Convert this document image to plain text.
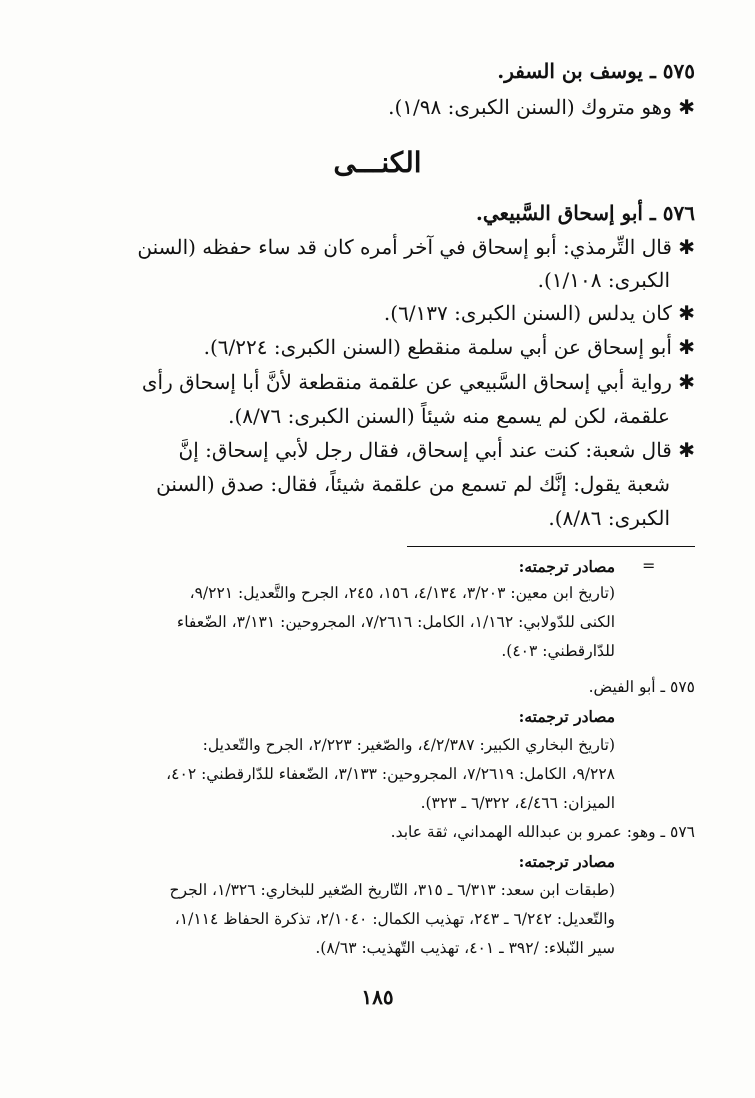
٥٧٥ ـ يوسف بن السفر.
✱ وهو متروك (السنن الكبرى: ١/٩٨).
الكنـــى
٥٧٦ ـ أبو إسحاق السَّبيعي.
✱ قال التِّرمذي: أبو إسحاق في آخر أمره كان قد ساء حفظه (السنن
الكبرى: ١/١٠٨).
✱ كان يدلس (السنن الكبرى: ٦/١٣٧).
✱ أبو إسحاق عن أبي سلمة منقطع (السنن الكبرى: ٦/٢٢٤).
✱ رواية أبي إسحاق السَّبيعي عن علقمة منقطعة لأنَّ أبا إسحاق رأى
علقمة، لكن لم يسمع منه شيئاً (السنن الكبرى: ٨/٧٦).
✱ قال شعبة: كنت عند أبي إسحاق، فقال رجل لأبي إسحاق: إنَّ
شعبة يقول: إنَّك لم تسمع من علقمة شيئاً، فقال: صدق (السنن
الكبرى: ٨/٨٦).
=
مصادر ترجمته:
(تاريخ ابن معين: ٣/٢٠٣، ٤/١٣٤، ١٥٦، ٢٤٥، الجرح والتَّعديل: ٩/٢٢١،
الكنى للدّولابي: ١/١٦٢، الكامل: ٧/٢٦١٦، المجروحين: ٣/١٣١، الضّعفاء
للدّارقطني: ٤٠٣).
٥٧٥ ـ أبو الفيض.
مصادر ترجمته:
(تاريخ البخاري الكبير: ٤/٢/٣٨٧، والصّغير: ٢/٢٢٣، الجرح والتّعديل:
٩/٢٢٨، الكامل: ٧/٢٦١٩، المجروحين: ٣/١٣٣، الضّعفاء للدّارقطني: ٤٠٢،
الميزان: ٤/٤٦٦، ٦/٣٢٢ ـ ٣٢٣).
٥٧٦ ـ وهو: عمرو بن عبدالله الهمداني، ثقة عابد.
مصادر ترجمته:
(طبقات ابن سعد: ٦/٣١٣ ـ ٣١٥، التّاريخ الصّغير للبخاري: ١/٣٢٦، الجرح
والتّعديل: ٦/٢٤٢ ـ ٢٤٣، تهذيب الكمال: ٢/١٠٤٠، تذكرة الحفاظ ١/١١٤،
سير النّبلاء: /٣٩٢ ـ ٤٠١، تهذيب التّهذيب: ٨/٦٣).
١٨٥
